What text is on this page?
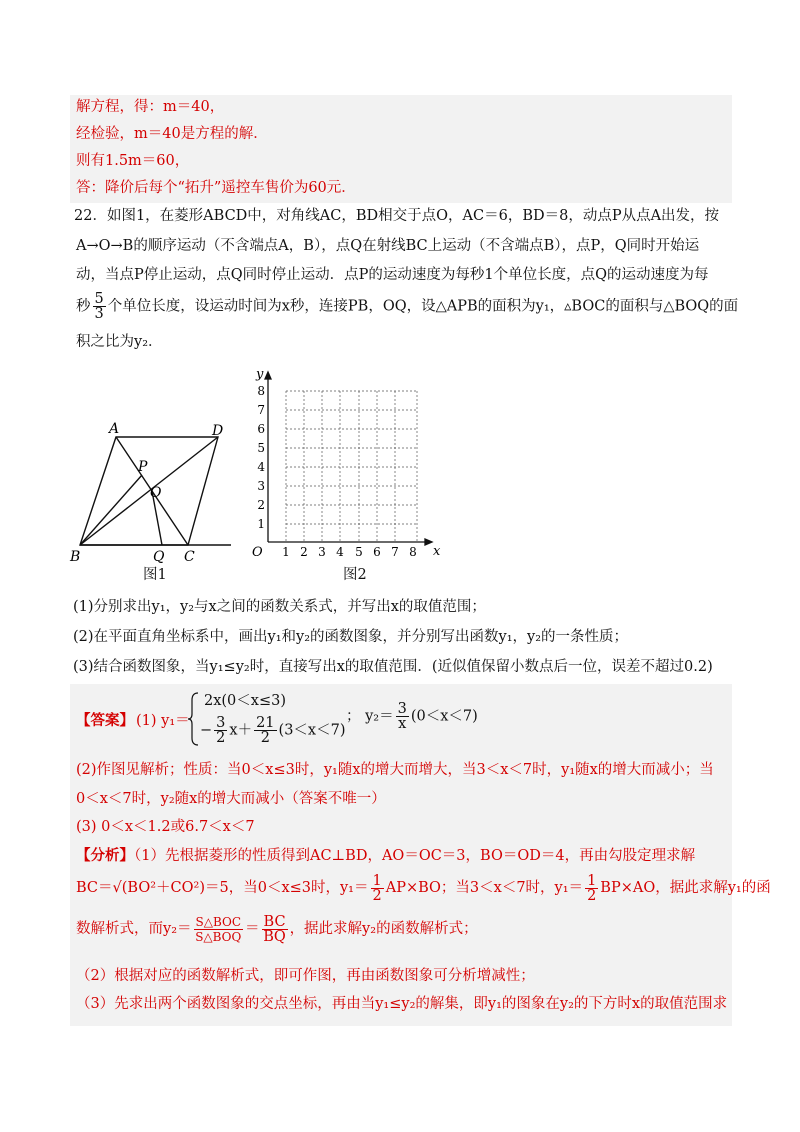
解方程，得：m＝40，
经检验，m＝40是方程的解．
则有1.5m＝60，
答：降价后每个“拓升”遥控车售价为60元．
22．如图1，在菱形ABCD中，对角线AC，BD相交于点O，AC＝6，BD＝8，动点P从点A出发，按
A→O→B的顺序运动（不含端点A，B），点Q在射线BC上运动（不含端点B），点P，Q同时开始运
动，当点P停止运动，点Q同时停止运动．点P的运动速度为每秒1个单位长度，点Q的运动速度为每
秒 $\frac{5}{3}$ 个单位长度，设运动时间为x秒，连接PB，OQ，设△APB的面积为y₁，▵BOC的面积与△BOQ的面
积之比为y₂．
A	D
P
O
B	Q C
图1
y
x
O 1 2 3 4 5 6 7 8
1
2
3
4
5
6
7
8
图2
(1)分别求出y₁，y₂与x之间的函数关系式，并写出x的取值范围；
(2)在平面直角坐标系中，画出y₁和y₂的函数图象，并分别写出函数y₁，y₂的一条性质；
(3)结合函数图象，当y₁≤y₂时，直接写出x的取值范围．(近似值保留小数点后一位，误差不超过0.2)
【答案】 (1) y₁＝
2x(0＜x≤3)
− $\frac{3}{2} x+ \frac{21}{2} (3<x<7)$
； $y_2= \frac{3}{x} (0<x<7)$
(2)作图见解析；性质：当0＜x≤3时，y₁随x的增大而增大，当3＜x＜7时，y₁随x的增大而减小；当
0＜x＜7时，y₂随x的增大而减小（答案不唯一）
(3) 0＜x＜1.2或6.7＜x＜7
【分析】（1）先根据菱形的性质得到AC⊥BD，AO＝OC＝3，BO＝OD＝4，再由勾股定理求解
BC＝√(BO²＋CO²)＝5，当0＜x≤3时，$y_1= \frac{1}{2} AP\times BO$；当3＜x＜7时，$y_1= \frac{1}{2} BP\times AO$，据此求解y₁的函
数解析式，而$y_2= \frac{\text{S△BOC}}{\text{S△BOQ}} = \frac{BC}{BQ}$ ，据此求解y₂的函数解析式；
（2）根据对应的函数解析式，即可作图，再由函数图象可分析增减性；
（3）先求出两个函数图象的交点坐标，再由当y₁≤y₂的解集，即y₁的图象在y₂的下方时x的取值范围求
